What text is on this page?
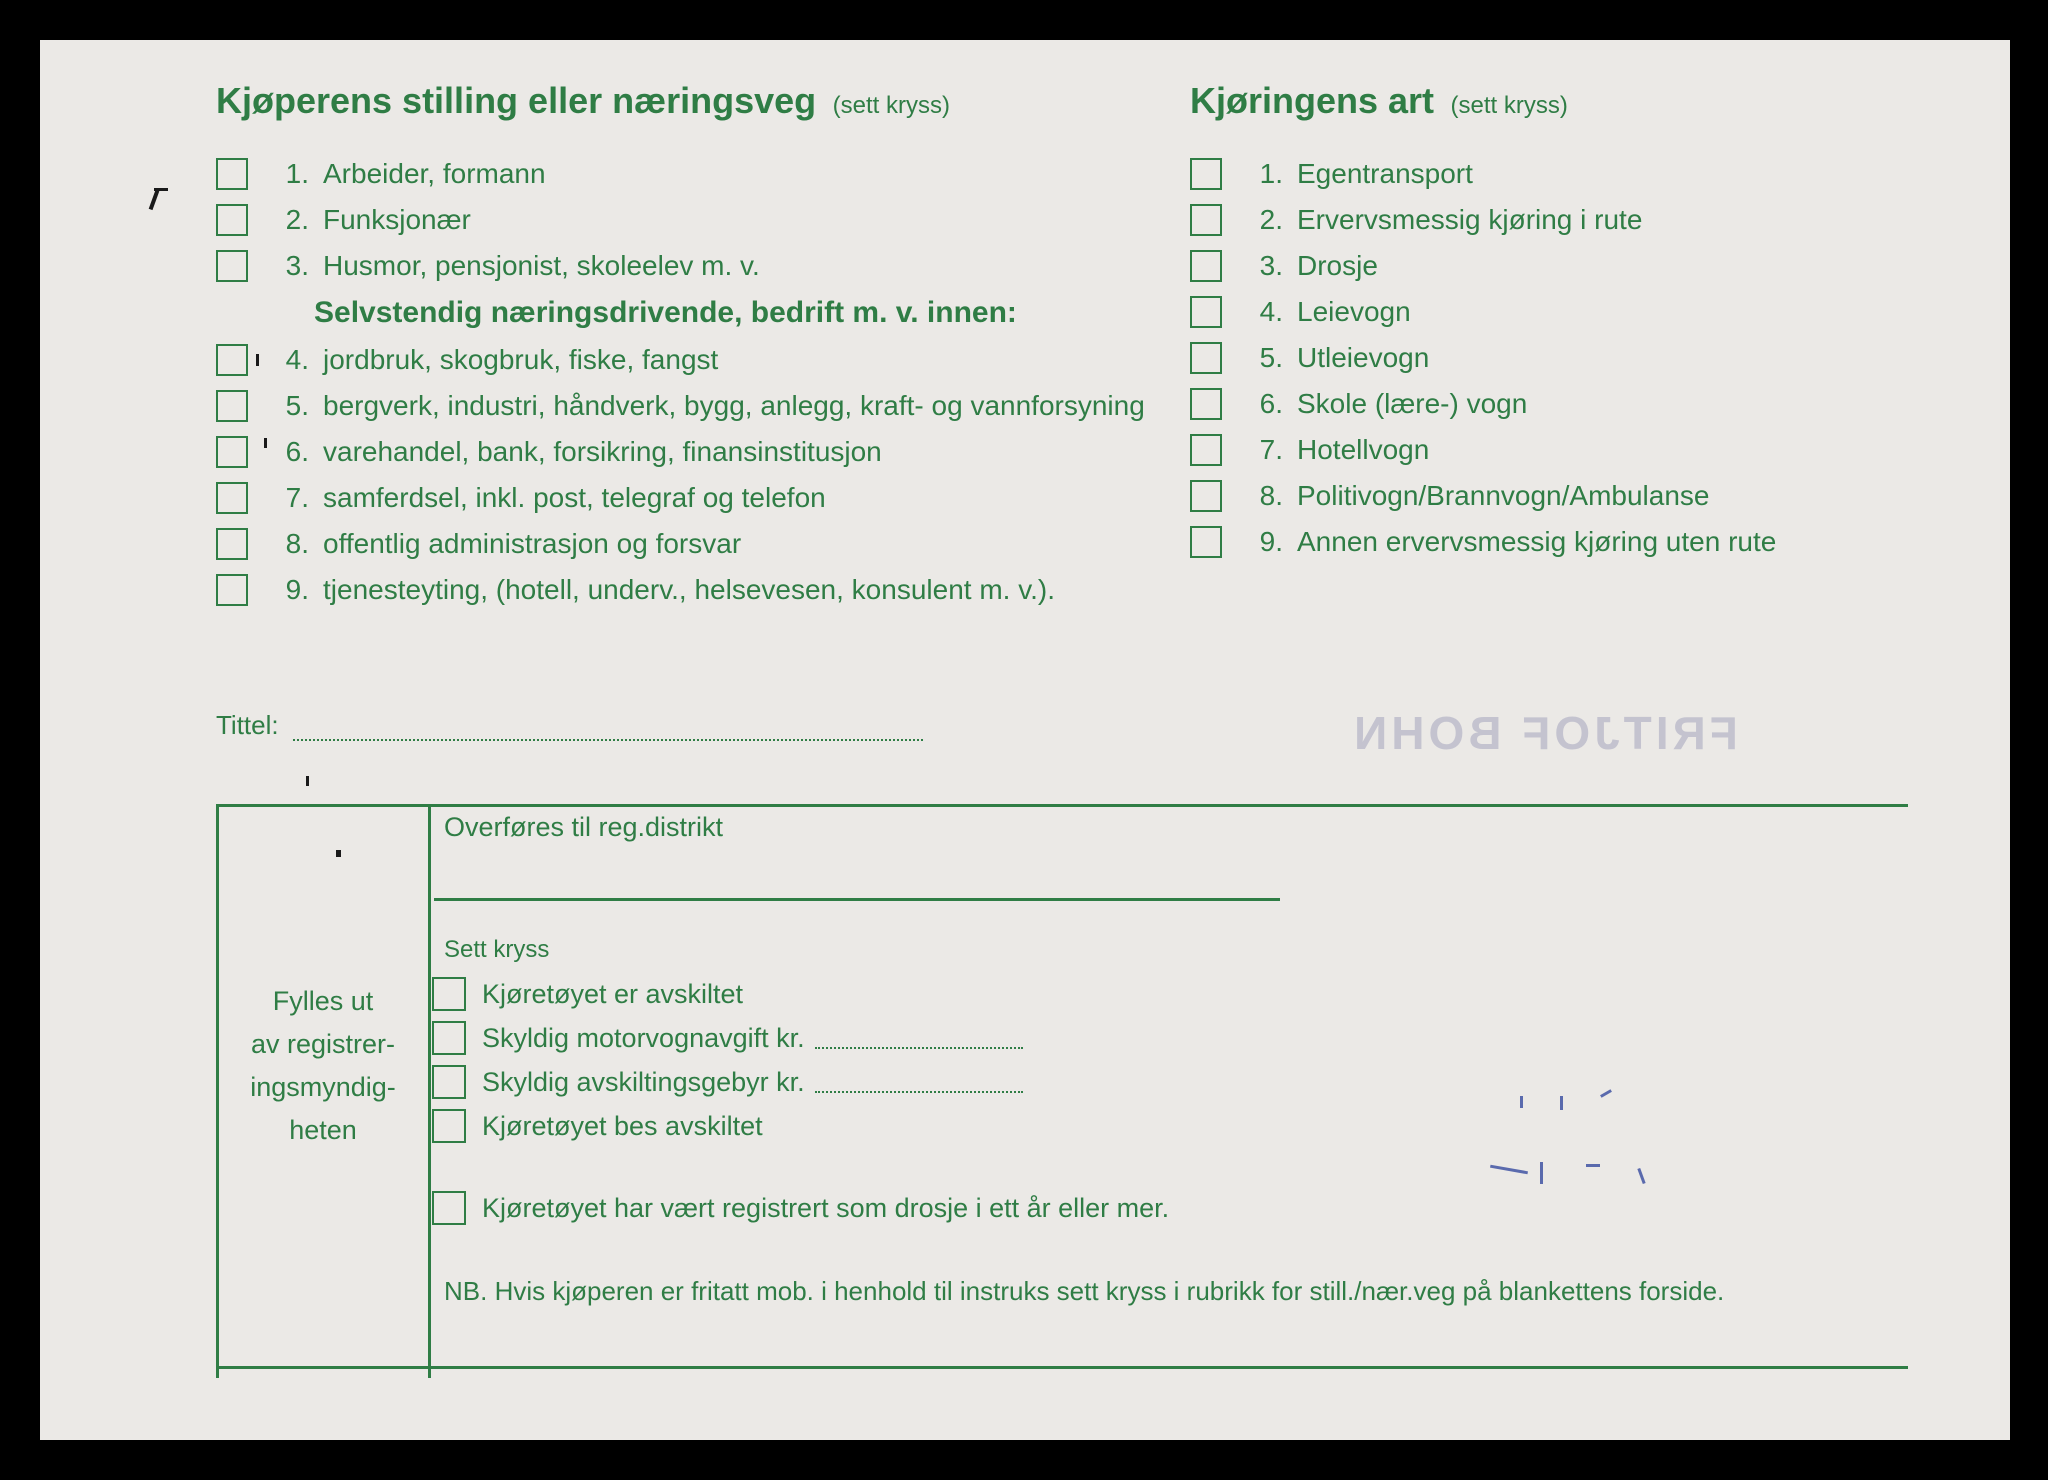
Kjøperens stilling eller næringsveg (sett kryss)	Kjøringens art (sett kryss)
1. Arbeider, formann
2. Funksjonær
3. Husmor, pensjonist, skoleelev m. v.
Selvstendig næringsdrivende, bedrift m. v. innen:
4. jordbruk, skogbruk, fiske, fangst
5. bergverk, industri, håndverk, bygg, anlegg, kraft- og vannforsyning
6. varehandel, bank, forsikring, finansinstitusjon
7. samferdsel, inkl. post, telegraf og telefon
8. offentlig administrasjon og forsvar
9. tjenesteyting, (hotell, underv., helsevesen, konsulent m. v.).
1. Egentransport
2. Ervervsmessig kjøring i rute
3. Drosje
4. Leievogn
5. Utleievogn
6. Skole (lære-) vogn
7. Hotellvogn
8. Politivogn/Brannvogn/Ambulanse
9. Annen ervervsmessig kjøring uten rute
Tittel:	FRITJOF BOHN
Fylles ut
av registrer-
ingsmyndig-
heten
Overføres til reg.distrikt
Sett kryss
Kjøretøyet er avskiltet
Skyldig motorvognavgift kr.
Skyldig avskiltingsgebyr kr.
Kjøretøyet bes avskiltet
Kjøretøyet har vært registrert som drosje i ett år eller mer.
NB. Hvis kjøperen er fritatt mob. i henhold til instruks sett kryss i rubrikk for still./nær.veg på blankettens forside.
